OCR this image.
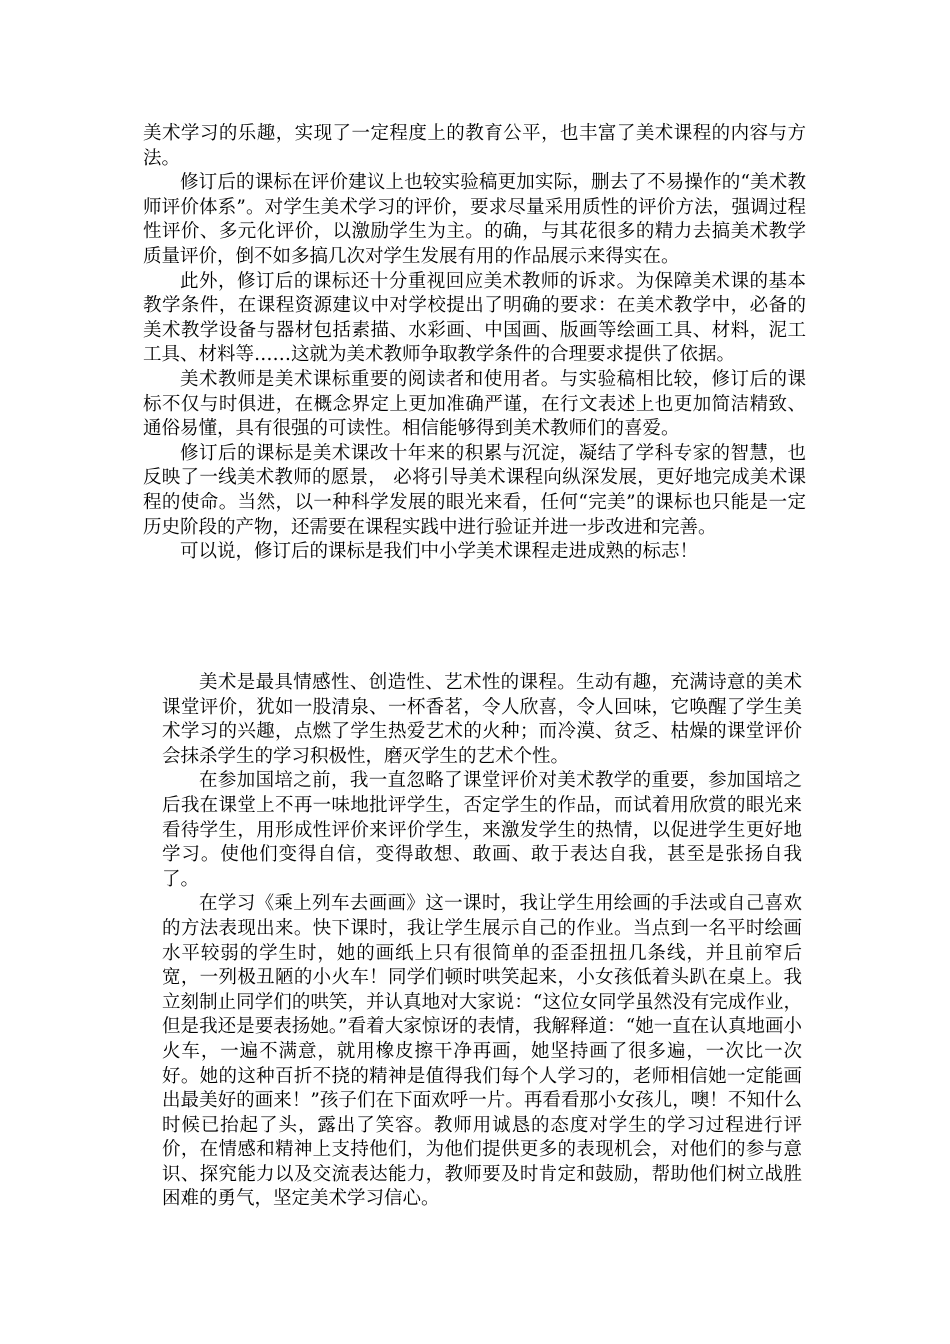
美术学习的乐趣，实现了一定程度上的教育公平，也丰富了美术课程的内容与方法。

修订后的课标在评价建议上也较实验稿更加实际，删去了不易操作的“美术教师评价体系”。对学生美术学习的评价，要求尽量采用质性的评价方法，强调过程性评价、多元化评价，以激励学生为主。的确，与其花很多的精力去搞美术教学质量评价，倒不如多搞几次对学生发展有用的作品展示来得实在。

此外，修订后的课标还十分重视回应美术教师的诉求。为保障美术课的基本教学条件，在课程资源建议中对学校提出了明确的要求：在美术教学中，必备的美术教学设备与器材包括素描、水彩画、中国画、版画等绘画工具、材料，泥工工具、材料等……这就为美术教师争取教学条件的合理要求提供了依据。

美术教师是美术课标重要的阅读者和使用者。与实验稿相比较，修订后的课标不仅与时俱进，在概念界定上更加准确严谨，在行文表述上也更加简洁精致、通俗易懂，具有很强的可读性。相信能够得到美术教师们的喜爱。

修订后的课标是美术课改十年来的积累与沉淀，凝结了学科专家的智慧，也反映了一线美术教师的愿景， 必将引导美术课程向纵深发展，更好地完成美术课程的使命。当然，以一种科学发展的眼光来看，任何“完美”的课标也只能是一定历史阶段的产物，还需要在课程实践中进行验证并进一步改进和完善。

可以说，修订后的课标是我们中小学美术课程走进成熟的标志！

美术是最具情感性、创造性、艺术性的课程。生动有趣，充满诗意的美术课堂评价，犹如一股清泉、一杯香茗，令人欣喜，令人回味，它唤醒了学生美术学习的兴趣，点燃了学生热爱艺术的火种；而冷漠、贫乏、枯燥的课堂评价会抹杀学生的学习积极性，磨灭学生的艺术个性。

在参加国培之前，我一直忽略了课堂评价对美术教学的重要，参加国培之后我在课堂上不再一味地批评学生，否定学生的作品，而试着用欣赏的眼光来看待学生，用形成性评价来评价学生，来激发学生的热情，以促进学生更好地学习。使他们变得自信，变得敢想、敢画、敢于表达自我，甚至是张扬自我了。

在学习《乘上列车去画画》这一课时，我让学生用绘画的手法或自己喜欢的方法表现出来。快下课时，我让学生展示自己的作业。当点到一名平时绘画水平较弱的学生时，她的画纸上只有很简单的歪歪扭扭几条线，并且前窄后宽，一列极丑陋的小火车！同学们顿时哄笑起来，小女孩低着头趴在桌上。我立刻制止同学们的哄笑，并认真地对大家说：“这位女同学虽然没有完成作业，但是我还是要表扬她。”看着大家惊讶的表情，我解释道：“她一直在认真地画小火车，一遍不满意，就用橡皮擦干净再画，她坚持画了很多遍，一次比一次好。她的这种百折不挠的精神是值得我们每个人学习的，老师相信她一定能画出最美好的画来！”孩子们在下面欢呼一片。再看看那小女孩儿，噢！不知什么时候已抬起了头，露出了笑容。教师用诚恳的态度对学生的学习过程进行评价，在情感和精神上支持他们，为他们提供更多的表现机会，对他们的参与意识、探究能力以及交流表达能力，教师要及时肯定和鼓励，帮助他们树立战胜困难的勇气，坚定美术学习信心。
